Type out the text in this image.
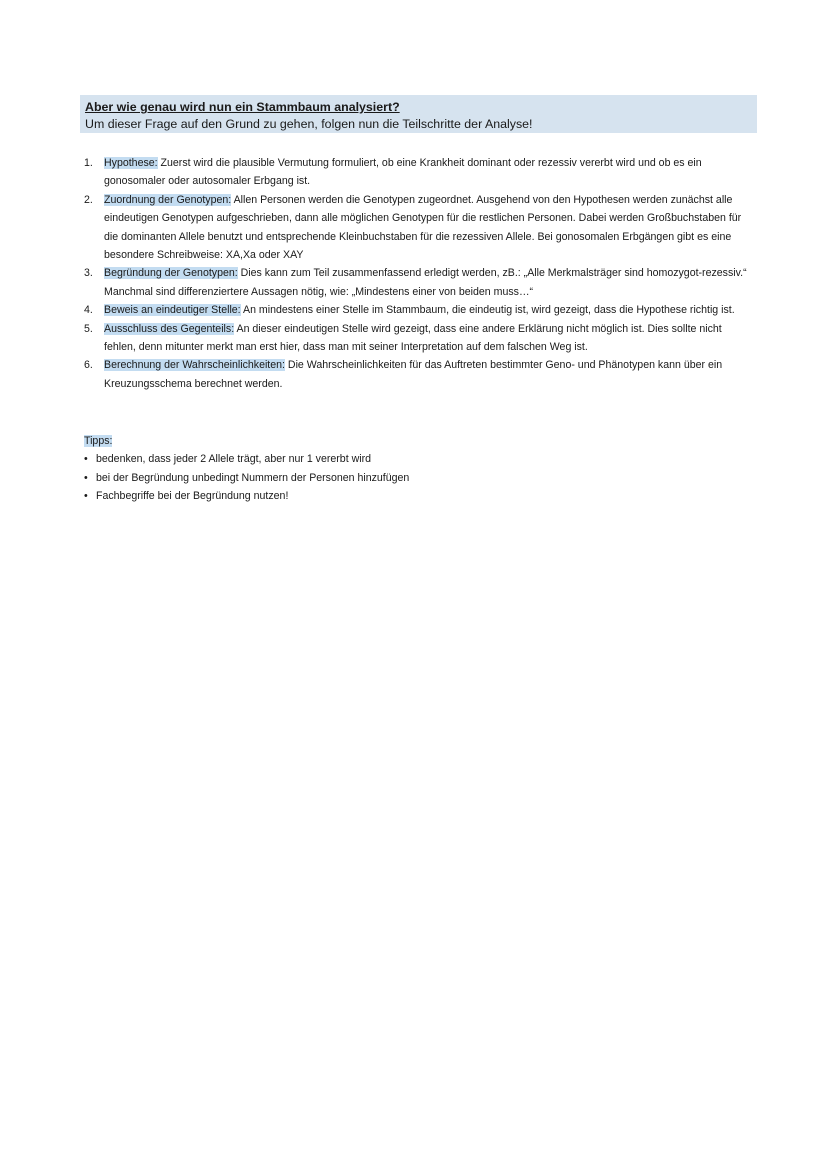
Aber wie genau wird nun ein Stammbaum analysiert?
Um dieser Frage auf den Grund zu gehen, folgen nun die Teilschritte der Analyse!
1. Hypothese: Zuerst wird die plausible Vermutung formuliert, ob eine Krankheit dominant oder rezessiv vererbt wird und ob es ein gonosomaler oder autosomaler Erbgang ist.
2. Zuordnung der Genotypen: Allen Personen werden die Genotypen zugeordnet. Ausgehend von den Hypothesen werden zunächst alle eindeutigen Genotypen aufgeschrieben, dann alle möglichen Genotypen für die restlichen Personen. Dabei werden Großbuchstaben für die dominanten Allele benutzt und entsprechende Kleinbuchstaben für die rezessiven Allele. Bei gonosomalen Erbgängen gibt es eine besondere Schreibweise: XA,Xa oder XAY
3. Begründung der Genotypen: Dies kann zum Teil zusammenfassend erledigt werden, zB.: „Alle Merkmalsträger sind homozygot-rezessiv.“ Manchmal sind differenziertere Aussagen nötig, wie: „Mindestens einer von beiden muss…“
4. Beweis an eindeutiger Stelle: An mindestens einer Stelle im Stammbaum, die eindeutig ist, wird gezeigt, dass die Hypothese richtig ist.
5. Ausschluss des Gegenteils: An dieser eindeutigen Stelle wird gezeigt, dass eine andere Erklärung nicht möglich ist. Dies sollte nicht fehlen, denn mitunter merkt man erst hier, dass man mit seiner Interpretation auf dem falschen Weg ist.
6. Berechnung der Wahrscheinlichkeiten: Die Wahrscheinlichkeiten für das Auftreten bestimmter Geno- und Phänotypen kann über ein Kreuzungsschema berechnet werden.
Tipps:
• bedenken, dass jeder 2 Allele trägt, aber nur 1 vererbt wird
• bei der Begründung unbedingt Nummern der Personen hinzufügen
• Fachbegriffe bei der Begründung nutzen!
